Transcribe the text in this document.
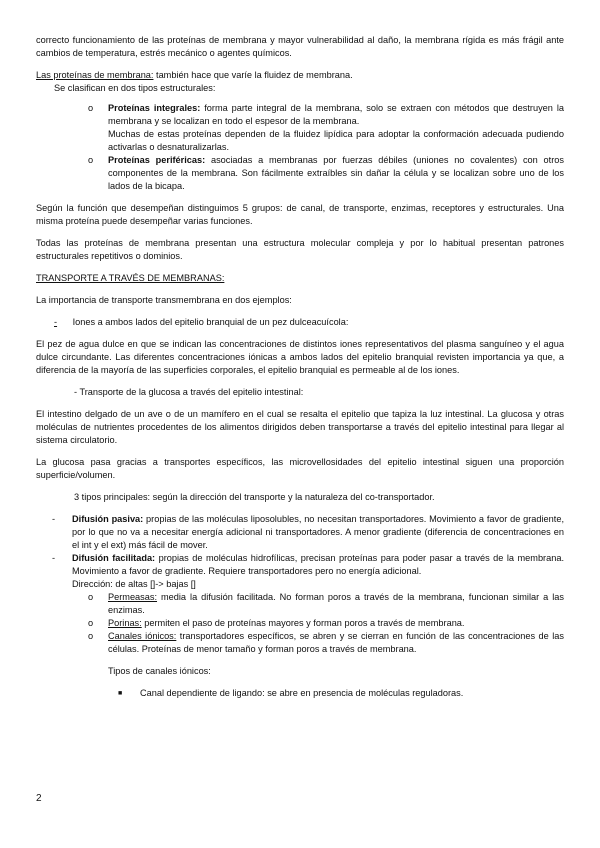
correcto funcionamiento de las proteínas de membrana y mayor vulnerabilidad al daño, la membrana rígida es más frágil ante cambios de temperatura, estrés mecánico o agentes químicos.

Las proteínas de membrana: también hace que varíe la fluidez de membrana.

Se clasifican en dos tipos estructurales:

o Proteínas integrales: forma parte integral de la membrana, solo se extraen con métodos que destruyen la membrana y se localizan en todo el espesor de la membrana.

Muchas de estas proteínas dependen de la fluidez lipídica para adoptar la conformación adecuada pudiendo activarlas o desnaturalizarlas.

o Proteínas periféricas: asociadas a membranas por fuerzas débiles (uniones no covalentes) con otros componentes de la membrana. Son fácilmente extraíbles sin dañar la célula y se localizan sobre uno de los lados de la bicapa.

Según la función que desempeñan distinguimos 5 grupos: de canal, de transporte, enzimas, receptores y estructurales. Una misma proteína puede desempeñar varias funciones.

Todas las proteínas de membrana presentan una estructura molecular compleja y por lo habitual presentan patrones estructurales repetitivos o dominios.

TRANSPORTE A TRAVÉS DE MEMBRANAS:

La importancia de transporte transmembrana en dos ejemplos:

- Iones a ambos lados del epitelio branquial de un pez dulceacuícola:

El pez de agua dulce en que se indican las concentraciones de distintos iones representativos del plasma sanguíneo y el agua dulce circundante. Las diferentes concentraciones iónicas a ambos lados del epitelio branquial revisten importancia ya que, a diferencia de la mayoría de las superficies corporales, el epitelio branquial es permeable al de los iones.

- Transporte de la glucosa a través del epitelio intestinal:

El intestino delgado de un ave o de un mamífero en el cual se resalta el epitelio que tapiza la luz intestinal. La glucosa y otras moléculas de nutrientes procedentes de los alimentos dirigidos deben transportarse a través del epitelio intestinal para llegar al sistema circulatorio.

La glucosa pasa gracias a transportes específicos, las microvellosidades del epitelio intestinal siguen una proporción superficie/volumen.

3 tipos principales: según la dirección del transporte y la naturaleza del co-transportador.

- Difusión pasiva: propias de las moléculas liposolubles, no necesitan transportadores. Movimiento a favor de gradiente, por lo que no va a necesitar energía adicional ni transportadores. A menor gradiente (diferencia de concentraciones en el int y el ext) más fácil de mover.

- Difusión facilitada: propias de moléculas hidrofílicas, precisan proteínas para poder pasar a través de la membrana. Movimiento a favor de gradiente. Requiere transportadores pero no energía adicional.

Dirección: de altas []-> bajas []

o Permeasas: media la difusión facilitada. No forman poros a través de la membrana, funcionan similar a las enzimas.

o Porinas: permiten el paso de proteínas mayores y forman poros a través de membrana.

o Canales iónicos: transportadores específicos, se abren y se cierran en función de las concentraciones de las células. Proteínas de menor tamaño y forman poros a través de membrana.

Tipos de canales iónicos:

■ Canal dependiente de ligando: se abre en presencia de moléculas reguladoras.

2
